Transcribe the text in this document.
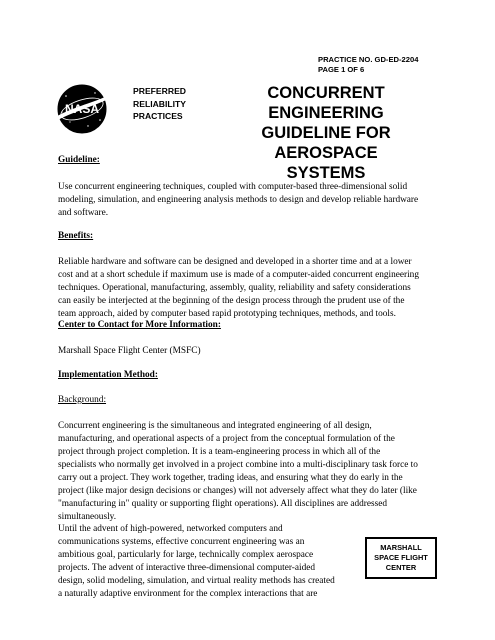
PRACTICE NO. GD-ED-2204
PAGE 1 OF 6
NASA
PREFERRED
RELIABILITY
PRACTICES
CONCURRENT ENGINEERING
GUIDELINE FOR AEROSPACE
SYSTEMS
Guideline:
Use concurrent engineering techniques, coupled with computer-based three-dimensional solid
modeling, simulation, and engineering analysis methods to design and develop reliable hardware
and software.
Benefits:
Reliable hardware and software can be designed and developed in a shorter time and at a lower
cost and at a short schedule if maximum use is made of a computer-aided concurrent engineering
techniques. Operational, manufacturing, assembly, quality, reliability and safety considerations
can easily be interjected at the beginning of the design process through the prudent use of the
team approach, aided by computer based rapid prototyping techniques, methods, and tools.
Center to Contact for More Information:
Marshall Space Flight Center (MSFC)
Implementation Method:
Background:
Concurrent engineering is the simultaneous and integrated engineering of all design,
manufacturing, and operational aspects of a project from the conceptual formulation of the
project through project completion. It is a team-engineering process in which all of the
specialists who normally get involved in a project combine into a multi-disciplinary task force to
carry out a project. They work together, trading ideas, and ensuring what they do early in the
project (like major design decisions or changes) will not adversely affect what they do later (like
"manufacturing in" quality or supporting flight operations). All disciplines are addressed
simultaneously.
Until the advent of high-powered, networked computers and
communications systems, effective concurrent engineering was an
ambitious goal, particularly for large, technically complex aerospace
projects. The advent of interactive three-dimensional computer-aided
design, solid modeling, simulation, and virtual reality methods has created
a naturally adaptive environment for the complex interactions that are
MARSHALL
SPACE FLIGHT
CENTER
